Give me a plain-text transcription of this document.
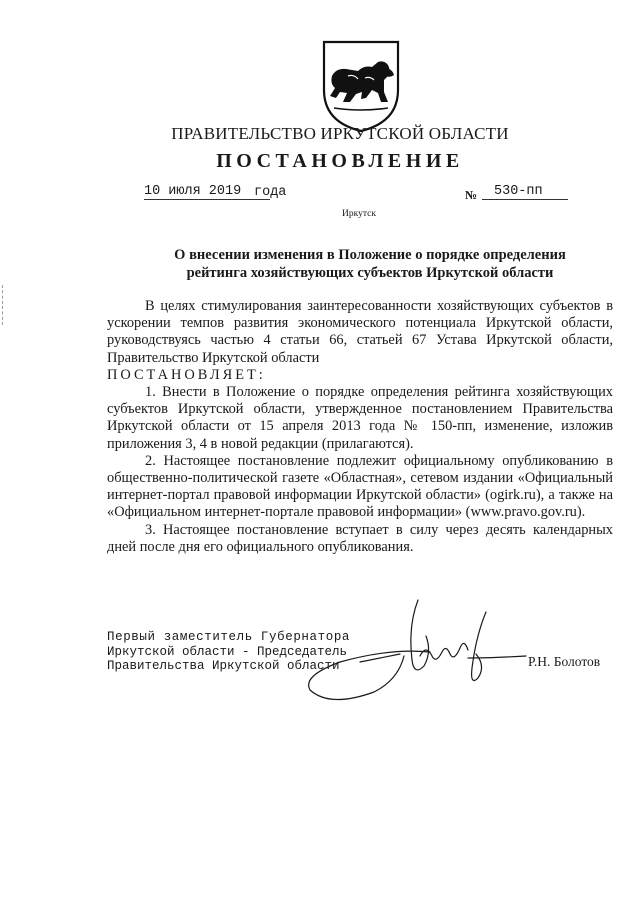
ПРАВИТЕЛЬСТВО ИРКУТСКОЙ ОБЛАСТИ
ПОСТАНОВЛЕНИЕ
10 июля 2019 года	№	530-пп
Иркутск
О внесении изменения в Положение о порядке определения
рейтинга хозяйствующих субъектов Иркутской области

В целях стимулирования заинтересованности хозяйствующих субъектов в ускорении темпов развития экономического потенциала Иркутской области, руководствуясь частью 4 статьи 66, статьей 67 Устава Иркутской области, Правительство Иркутской области

ПОСТАНОВЛЯЕТ:

1. Внести в Положение о порядке определения рейтинга хозяйствующих субъектов Иркутской области, утвержденное постановлением Правительства Иркутской области от 15 апреля 2013 года № 150-пп, изменение, изложив приложения 3, 4 в новой редакции (прилагаются).

2. Настоящее постановление подлежит официальному опубликованию в общественно-политической газете «Областная», сетевом издании «Официальный интернет-портал правовой информации Иркутской области» (ogirk.ru), а также на «Официальном интернет-портале правовой информации» (www.pravo.gov.ru).

3. Настоящее постановление вступает в силу через десять календарных дней после дня его официального опубликования.

Первый заместитель Губернатора
Иркутской области - Председатель
Правительства Иркутской области	Р.Н. Болотов
